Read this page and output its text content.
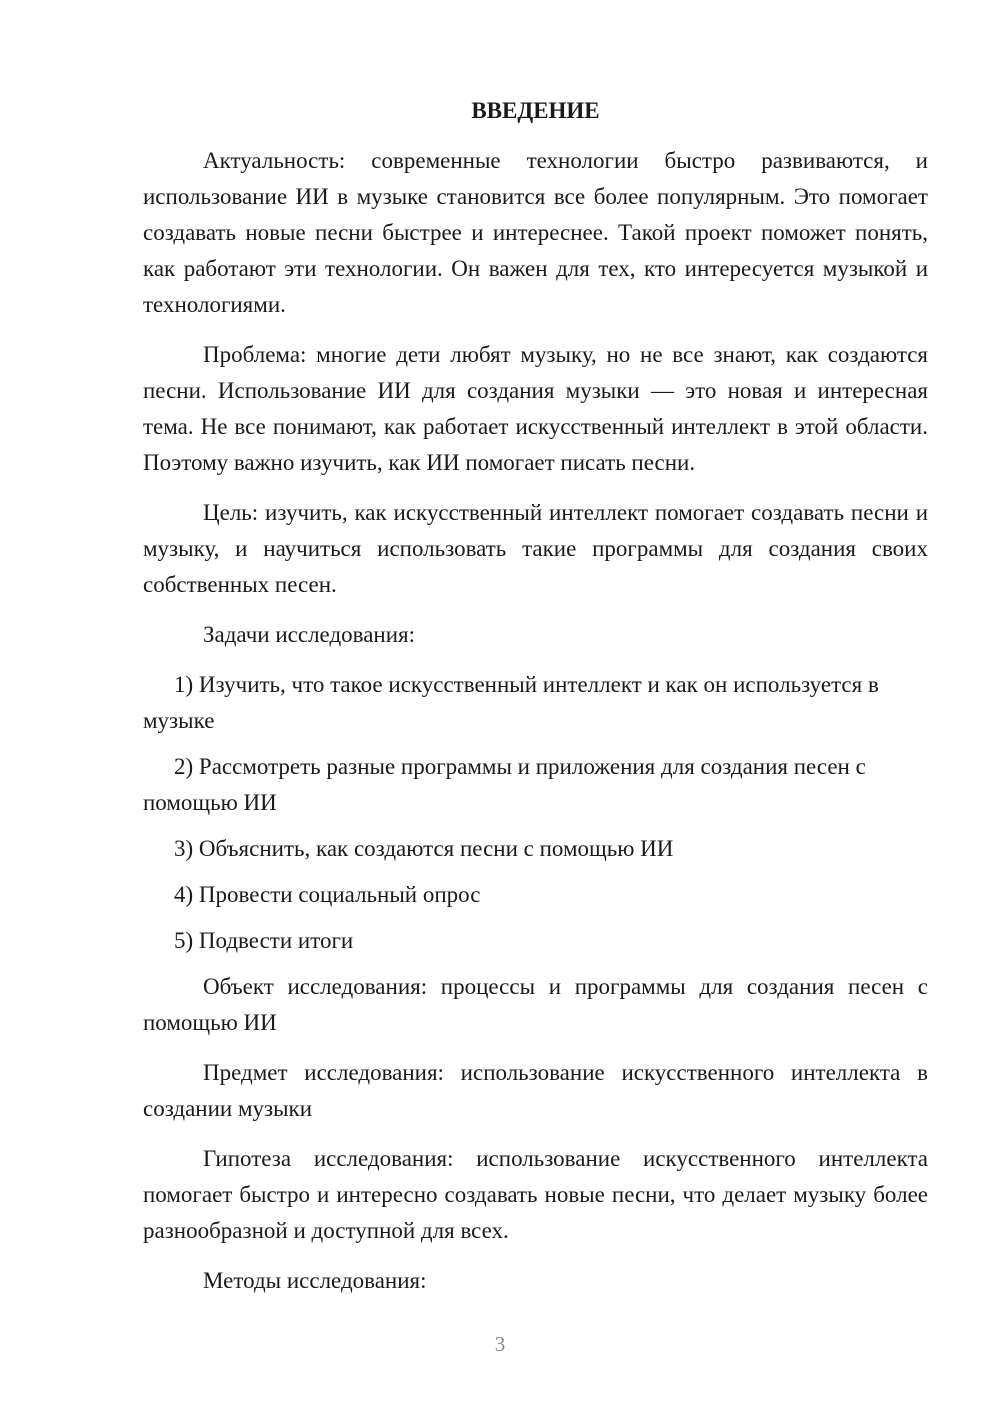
ВВЕДЕНИЕ

Актуальность: современные технологии быстро развиваются, и использование ИИ в музыке становится все более популярным. Это помогает создавать новые песни быстрее и интереснее. Такой проект поможет понять, как работают эти технологии. Он важен для тех, кто интересуется музыкой и технологиями.

Проблема: многие дети любят музыку, но не все знают, как создаются песни. Использование ИИ для создания музыки — это новая и интересная тема. Не все понимают, как работает искусственный интеллект в этой области. Поэтому важно изучить, как ИИ помогает писать песни.

Цель: изучить, как искусственный интеллект помогает создавать песни и музыку, и научиться использовать такие программы для создания своих собственных песен.

Задачи исследования:

1) Изучить, что такое искусственный интеллект и как он используется в музыке

2) Рассмотреть разные программы и приложения для создания песен с помощью ИИ

3) Объяснить, как создаются песни с помощью ИИ

4) Провести социальный опрос

5) Подвести итоги

Объект исследования: процессы и программы для создания песен с помощью ИИ

Предмет исследования: использование искусственного интеллекта в создании музыки

Гипотеза исследования: использование искусственного интеллекта помогает быстро и интересно создавать новые песни, что делает музыку более разнообразной и доступной для всех.

Методы исследования:

3
